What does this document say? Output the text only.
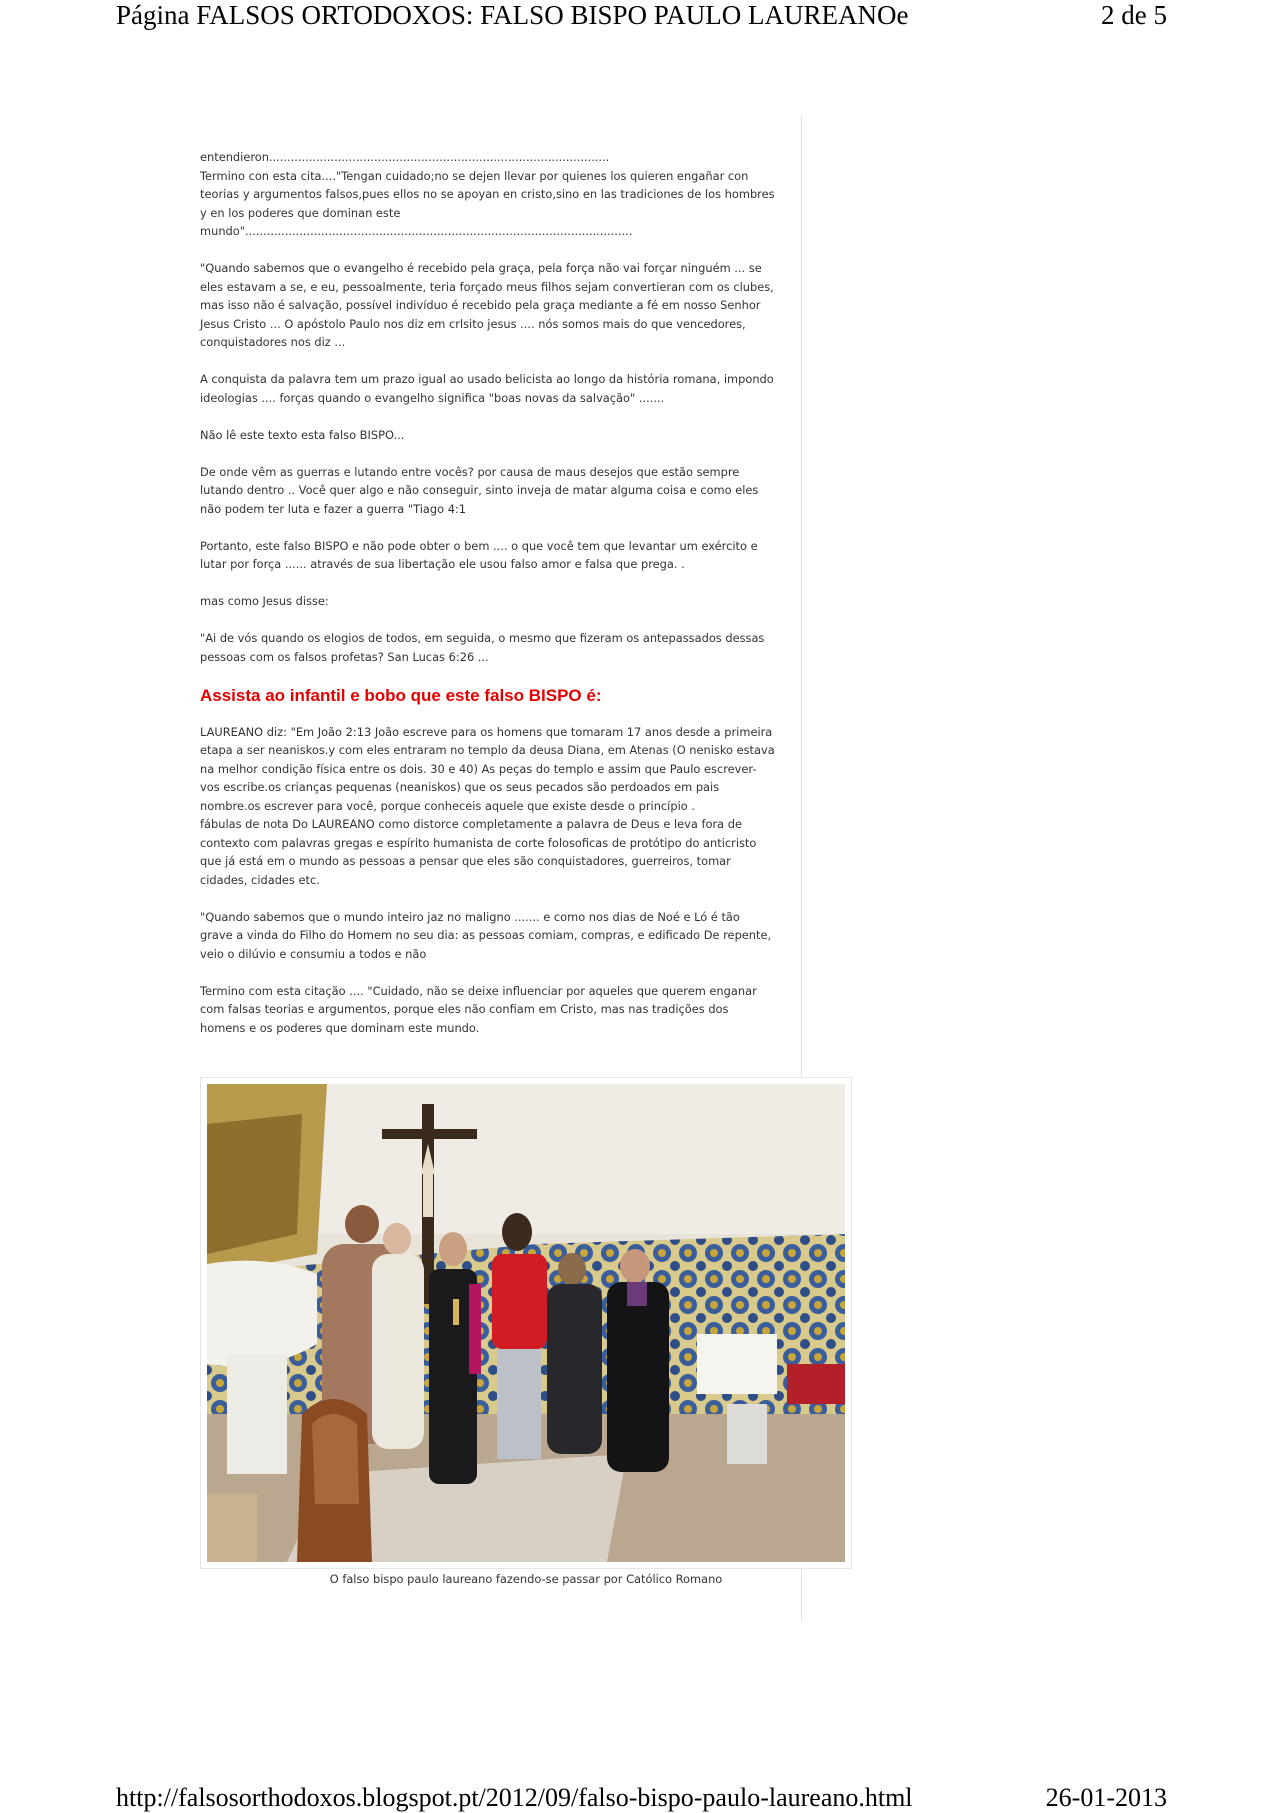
Página FALSOS ORTODOXOS: FALSO BISPO PAULO LAUREANOe	2 de 5

entendieron..............................................................................................

Termino con esta cita...."Tengan cuidado;no se dejen llevar por quienes los quieren engañar con teorias y argumentos falsos,pues ellos no se apoyan en cristo,sino en las tradiciones de los hombres y en los poderes que dominan este

mundo"...........................................................................................................

"Quando sabemos que o evangelho é recebido pela graça, pela força não vai forçar ninguém ... se eles estavam a se, e eu, pessoalmente, teria forçado meus filhos sejam convertieran com os clubes, mas isso não é salvação, possível indivíduo é recebido pela graça mediante a fé em nosso Senhor Jesus Cristo ... O apóstolo Paulo nos diz em crlsito jesus .... nós somos mais do que vencedores, conquistadores nos diz ...

A conquista da palavra tem um prazo igual ao usado belicista ao longo da história romana, impondo ideologias .... forças quando o evangelho significa "boas novas da salvação" .......

Não lê este texto esta falso BISPO...

De onde vêm as guerras e lutando entre vocês? por causa de maus desejos que estão sempre lutando dentro .. Você quer algo e não conseguir, sinto inveja de matar alguma coisa e como eles não podem ter luta e fazer a guerra "Tiago 4:1

Portanto, este falso BISPO e não pode obter o bem .... o que você tem que levantar um exército e lutar por força ...... através de sua libertação ele usou falso amor e falsa que prega. .

mas como Jesus disse:

"Ai de vós quando os elogios de todos, em seguida, o mesmo que fizeram os antepassados dessas pessoas com os falsos profetas? San Lucas 6:26 ...

Assista ao infantil e bobo que este falso BISPO é:

LAUREANO diz: "Em João 2:13 João escreve para os homens que tomaram 17 anos desde a primeira etapa a ser neaniskos.y com eles entraram no templo da deusa Diana, em Atenas (O nenisko estava na melhor condição física entre os dois. 30 e 40) As peças do templo e assim que Paulo escrever-vos escribe.os crianças pequenas (neaniskos) que os seus pecados são perdoados em pais nombre.os escrever para você, porque conheceis aquele que existe desde o princípio .

fábulas de nota Do LAUREANO como distorce completamente a palavra de Deus e leva fora de contexto com palavras gregas e espírito humanista de corte folosoficas de protótipo do anticristo que já está em o mundo as pessoas a pensar que eles são conquistadores, guerreiros, tomar cidades, cidades etc.

"Quando sabemos que o mundo inteiro jaz no maligno ....... e como nos dias de Noé e Ló é tão grave a vinda do Filho do Homem no seu dia: as pessoas comiam, compras, e edificado De repente, veio o dilúvio e consumiu a todos e não

Termino com esta citação .... "Cuidado, não se deixe influenciar por aqueles que querem enganar com falsas teorias e argumentos, porque eles não confiam em Cristo, mas nas tradições dos homens e os poderes que dominam este mundo.

O falso bispo paulo laureano fazendo-se passar por Católico Romano
http://falsosorthodoxos.blogspot.pt/2012/09/falso-bispo-paulo-laureano.html	26-01-2013
